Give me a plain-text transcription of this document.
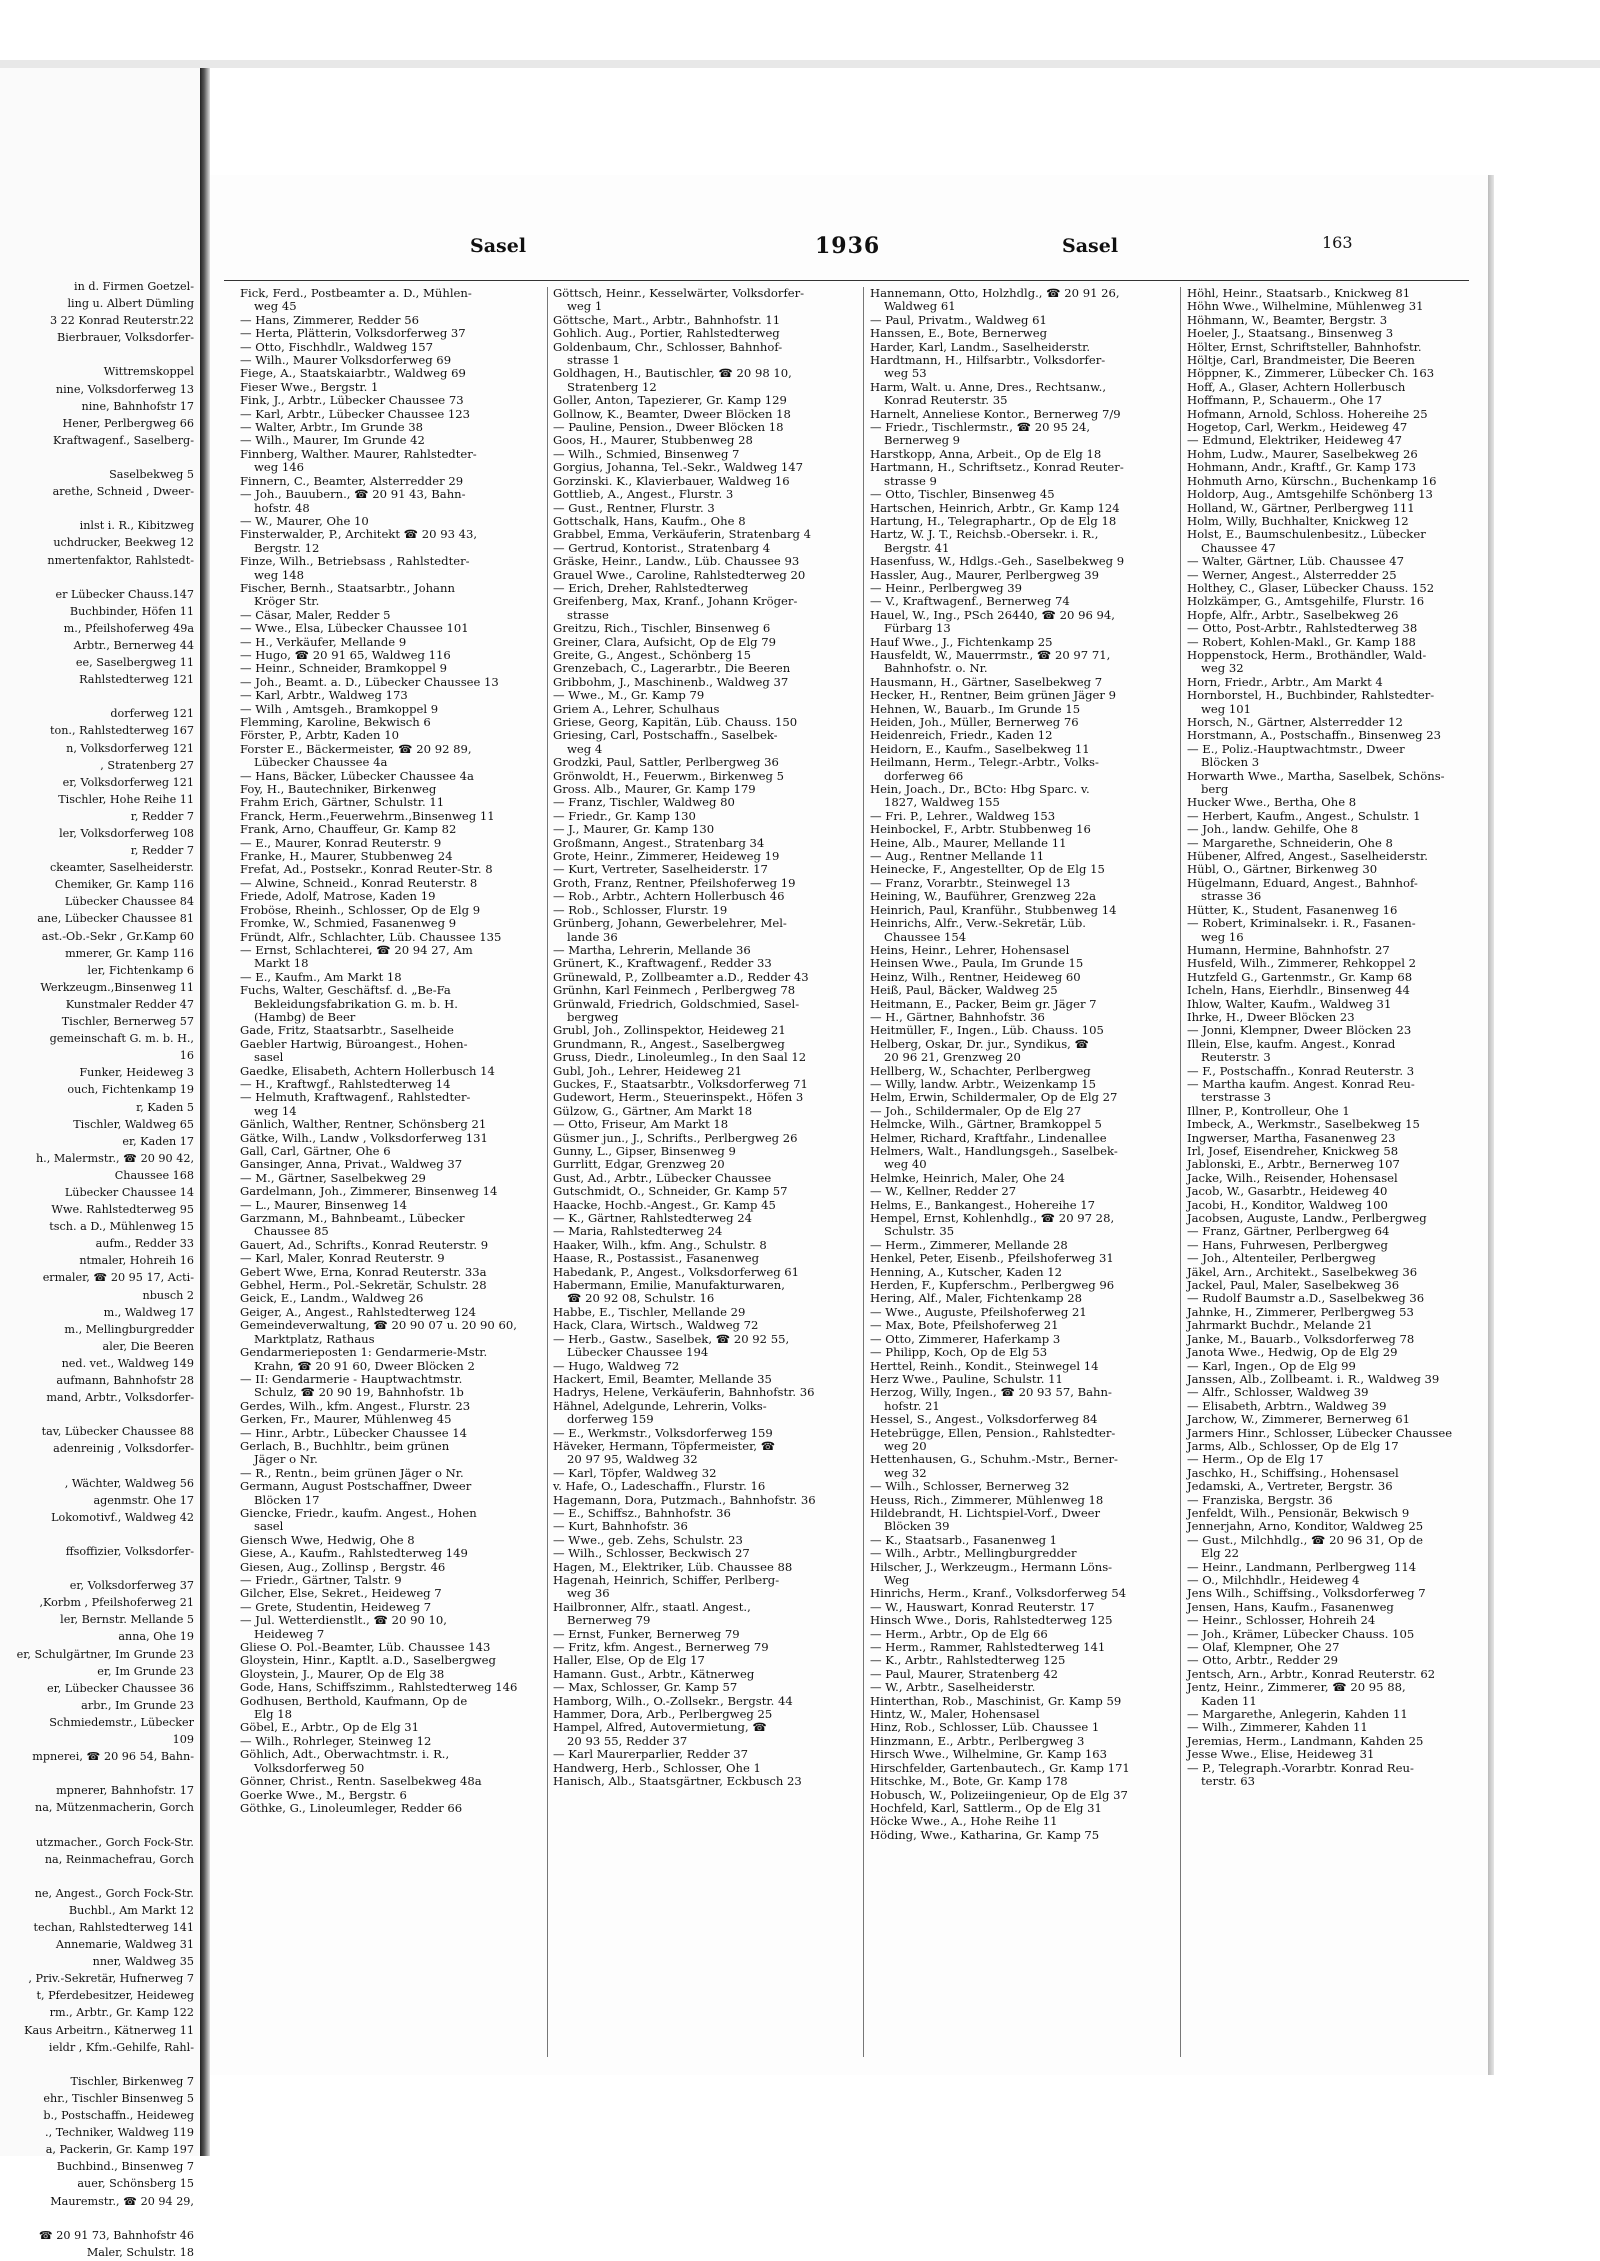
in d. Firmen Goetzel-
ling u. Albert Dümling
3 22 Konrad Reuterstr.22
Bierbrauer, Volksdorfer-

Wittremskoppel
nine, Volksdorferweg 13
nine, Bahnhofstr 17
Hener, Perlbergweg 66
Kraftwagenf., Saselberg-

Saselbekweg 5
arethe, Schneid , Dweer-

inlst i. R., Kibitzweg
uchdrucker, Beekweg 12
nmertenfaktor, Rahlstedt-

er Lübecker Chauss.147
Buchbinder, Höfen 11
m., Pfeilshoferweg 49a
Arbtr., Bernerweg 44
ee, Saselbergweg 11
Rahlstedterweg 121

dorferweg 121
ton., Rahlstedterweg 167
n, Volksdorferweg 121
, Stratenberg 27
er, Volksdorferweg 121
Tischler, Hohe Reihe 11
r, Redder 7
ler, Volksdorferweg 108
r, Redder 7
ckeamter, Saselheiderstr.
Chemiker, Gr. Kamp 116
Lübecker Chaussee 84
ane, Lübecker Chaussee 81
ast.-Ob.-Sekr , Gr.Kamp 60
mmerer, Gr. Kamp 116
ler, Fichtenkamp 6
Werkzeugm.,Binsenweg 11
Kunstmaler Redder 47
Tischler, Bernerweg 57
gemeinschaft G. m. b. H.,
16
Funker, Heideweg 3
ouch, Fichtenkamp 19
r, Kaden 5
Tischler, Waldweg 65
er, Kaden 17
h., Malermstr., ☎ 20 90 42,
Chaussee 168
Lübecker Chaussee 14
Wwe. Rahlstedterweg 95
tsch. a D., Mühlenweg 15
aufm., Redder 33
ntmaler, Hohreih 16
ermaler, ☎ 20 95 17, Acti-
nbusch 2
m., Waldweg 17
m., Mellingburgredder
aler, Die Beeren
ned. vet., Waldweg 149
aufmann, Bahnhofstr 28
mand, Arbtr., Volksdorfer-

tav, Lübecker Chaussee 88
adenreinig , Volksdorfer-

, Wächter, Waldweg 56
agenmstr. Ohe 17
Lokomotivf., Waldweg 42

ffsoffizier, Volksdorfer-

er, Volksdorferweg 37
,Korbm , Pfeilshoferweg 21
ler, Bernstr. Mellande 5
anna, Ohe 19
er, Schulgärtner, Im Grunde 23
er, Im Grunde 23
er, Lübecker Chaussee 36
arbr., Im Grunde 23
Schmiedemstr., Lübecker
109
mpnerei, ☎ 20 96 54, Bahn-

mpnerer, Bahnhofstr. 17
na, Mützenmacherin, Gorch

utzmacher., Gorch Fock-Str.
na, Reinmachefrau, Gorch

ne, Angest., Gorch Fock-Str.
Buchbl., Am Markt 12
techan, Rahlstedterweg 141
Annemarie, Waldweg 31
nner, Waldweg 35
, Priv.-Sekretär, Hufnerweg 7
t, Pferdebesitzer, Heideweg
rm., Arbtr., Gr. Kamp 122
Kaus Arbeitrn., Kätnerweg 11
ieldr , Kfm.-Gehilfe, Rahl-

Tischler, Birkenweg 7
ehr., Tischler Binsenweg 5
b., Postschaffn., Heideweg
., Techniker, Waldweg 119
a, Packerin, Gr. Kamp 197
Buchbind., Binsenweg 7
auer, Schönsberg 15
Mauremstr., ☎ 20 94 29,

☎ 20 91 73, Bahnhofstr 46
Maler, Schulstr. 18
Sasel	1936	Sasel	163
Fick, Ferd., Postbeamter a. D., Mühlen-
weg 45
— Hans, Zimmerer, Redder 56
— Herta, Plätterin, Volksdorferweg 37
— Otto, Fischhdlr., Waldweg 157
— Wilh., Maurer Volksdorferweg 69
Fiege, A., Staatskaiarbtr., Waldweg 69
Fieser Wwe., Bergstr. 1
Fink, J., Arbtr., Lübecker Chaussee 73
— Karl, Arbtr., Lübecker Chaussee 123
— Walter, Arbtr., Im Grunde 38
— Wilh., Maurer, Im Grunde 42
Finnberg, Walther. Maurer, Rahlstedter-
weg 146
Finnern, C., Beamter, Alsterredder 29
— Joh., Bauubern., ☎ 20 91 43, Bahn-
hofstr. 48
— W., Maurer, Ohe 10
Finsterwalder, P., Architekt ☎ 20 93 43,
Bergstr. 12
Finze, Wilh., Betriebsass , Rahlstedter-
weg 148
Fischer, Bernh., Staatsarbtr., Johann
Kröger Str.
— Cäsar, Maler, Redder 5
— Wwe., Elsa, Lübecker Chaussee 101
— H., Verkäufer, Mellande 9
— Hugo, ☎ 20 91 65, Waldweg 116
— Heinr., Schneider, Bramkoppel 9
— Joh., Beamt. a. D., Lübecker Chaussee 13
— Karl, Arbtr., Waldweg 173
— Wilh , Amtsgeh., Bramkoppel 9
Flemming, Karoline, Bekwisch 6
Förster, P., Arbtr, Kaden 10
Forster E., Bäckermeister, ☎ 20 92 89,
Lübecker Chaussee 4a
— Hans, Bäcker, Lübecker Chaussee 4a
Foy, H., Bautechniker, Birkenweg
Frahm Erich, Gärtner, Schulstr. 11
Franck, Herm.,Feuerwehrm.,Binsenweg 11
Frank, Arno, Chauffeur, Gr. Kamp 82
— E., Maurer, Konrad Reuterstr. 9
Franke, H., Maurer, Stubbenweg 24
Frefat, Ad., Postsekr., Konrad Reuter-Str. 8
— Alwine, Schneid., Konrad Reuterstr. 8
Friede, Adolf, Matrose, Kaden 19
Froböse, Rheinh., Schlosser, Op de Elg 9
Fromke, W., Schmied, Fasanenweg 9
Fründt, Alfr., Schlachter, Lüb. Chaussee 135
— Ernst, Schlachterei, ☎ 20 94 27, Am
Markt 18
— E., Kaufm., Am Markt 18
Fuchs, Walter, Geschäftsf. d. „Be-Fa
Bekleidungsfabrikation G. m. b. H.
(Hambg) de Beer
Gade, Fritz, Staatsarbtr., Saselheide
Gaebler Hartwig, Büroangest., Hohen-
sasel
Gaedke, Elisabeth, Achtern Hollerbusch 14
— H., Kraftwgf., Rahlstedterweg 14
— Helmuth, Kraftwagenf., Rahlstedter-
weg 14
Gänlich, Walther, Rentner, Schönsberg 21
Gätke, Wilh., Landw , Volksdorferweg 131
Gall, Carl, Gärtner, Ohe 6
Gansinger, Anna, Privat., Waldweg 37
— M., Gärtner, Saselbekweg 29
Gardelmann, Joh., Zimmerer, Binsenweg 14
— L., Maurer, Binsenweg 14
Garzmann, M., Bahnbeamt., Lübecker
Chaussee 85
Gauert, Ad., Schrifts., Konrad Reuterstr. 9
— Karl, Maler, Konrad Reuterstr. 9
Gebert Wwe, Erna, Konrad Reuterstr. 33a
Gebhel, Herm., Pol.-Sekretär, Schulstr. 28
Geick, E., Landm., Waldweg 26
Geiger, A., Angest., Rahlstedterweg 124
Gemeindeverwaltung, ☎ 20 90 07 u. 20 90 60,
Marktplatz, Rathaus
Gendarmerieposten 1: Gendarmerie-Mstr.
Krahn, ☎ 20 91 60, Dweer Blöcken 2
— II: Gendarmerie - Hauptwachtmstr.
Schulz, ☎ 20 90 19, Bahnhofstr. 1b
Gerdes, Wilh., kfm. Angest., Flurstr. 23
Gerken, Fr., Maurer, Mühlenweg 45
— Hinr., Arbtr., Lübecker Chaussee 14
Gerlach, B., Buchhltr., beim grünen
Jäger o Nr.
— R., Rentn., beim grünen Jäger o Nr.
Germann, August Postschaffner, Dweer
Blöcken 17
Giencke, Friedr., kaufm. Angest., Hohen
sasel
Giensch Wwe, Hedwig, Ohe 8
Giese, A., Kaufm., Rahlstedterweg 149
Giesen, Aug., Zollinsp , Bergstr. 46
— Friedr., Gärtner, Talstr. 9
Gilcher, Else, Sekret., Heideweg 7
— Grete, Studentin, Heideweg 7
— Jul. Wetterdienstlt., ☎ 20 90 10,
Heideweg 7
Gliese O. Pol.-Beamter, Lüb. Chaussee 143
Gloystein, Hinr., Kaptlt. a.D., Saselbergweg
Gloystein, J., Maurer, Op de Elg 38
Gode, Hans, Schiffszimm., Rahlstedterweg 146
Godhusen, Berthold, Kaufmann, Op de
Elg 18
Göbel, E., Arbtr., Op de Elg 31
— Wilh., Rohrleger, Steinweg 12
Göhlich, Adt., Oberwachtmstr. i. R.,
Volksdorferweg 50
Gönner, Christ., Rentn. Saselbekweg 48a
Goerke Wwe., M., Bergstr. 6
Göthke, G., Linoleumleger, Redder 66
Göttsch, Heinr., Kesselwärter, Volksdorfer-
weg 1
Göttsche, Mart., Arbtr., Bahnhofstr. 11
Gohlich. Aug., Portier, Rahlstedterweg
Goldenbaum, Chr., Schlosser, Bahnhof-
strasse 1
Goldhagen, H., Bautischler, ☎ 20 98 10,
Stratenberg 12
Goller, Anton, Tapezierer, Gr. Kamp 129
Gollnow, K., Beamter, Dweer Blöcken 18
— Pauline, Pension., Dweer Blöcken 18
Goos, H., Maurer, Stubbenweg 28
— Wilh., Schmied, Binsenweg 7
Gorgius, Johanna, Tel.-Sekr., Waldweg 147
Gorzinski. K., Klavierbauer, Waldweg 16
Gottlieb, A., Angest., Flurstr. 3
— Gust., Rentner, Flurstr. 3
Gottschalk, Hans, Kaufm., Ohe 8
Grabbel, Emma, Verkäuferin, Stratenbarg 4
— Gertrud, Kontorist., Stratenbarg 4
Gräske, Heinr., Landw., Lüb. Chaussee 93
Grauel Wwe., Caroline, Rahlstedterweg 20
— Erich, Dreher, Rahlstedterweg
Greifenberg, Max, Kranf., Johann Kröger-
strasse
Greitzu, Rich., Tischler, Binsenweg 6
Greiner, Clara, Aufsicht, Op de Elg 79
Greite, G., Angest., Schönberg 15
Grenzebach, C., Lagerarbtr., Die Beeren
Gribbohm, J., Maschinenb., Waldweg 37
— Wwe., M., Gr. Kamp 79
Griem A., Lehrer, Schulhaus
Griese, Georg, Kapitän, Lüb. Chauss. 150
Griesing, Carl, Postschaffn., Saselbek-
weg 4
Grodzki, Paul, Sattler, Perlbergweg 36
Grönwoldt, H., Feuerwm., Birkenweg 5
Gross. Alb., Maurer, Gr. Kamp 179
— Franz, Tischler, Waldweg 80
— Friedr., Gr. Kamp 130
— J., Maurer, Gr. Kamp 130
Großmann, Angest., Stratenbarg 34
Grote, Heinr., Zimmerer, Heideweg 19
— Kurt, Vertreter, Saselheiderstr. 17
Groth, Franz, Rentner, Pfeilshoferweg 19
— Rob., Arbtr., Achtern Hollerbusch 46
— Rob., Schlosser, Flurstr. 19
Grünberg, Johann, Gewerbelehrer, Mel-
lande 36
— Martha, Lehrerin, Mellande 36
Grünert, K., Kraftwagenf., Redder 33
Grünewald, P., Zollbeamter a.D., Redder 43
Grünhn, Karl Feinmech , Perlbergweg 78
Grünwald, Friedrich, Goldschmied, Sasel-
bergweg
Grubl, Joh., Zollinspektor, Heideweg 21
Grundmann, R., Angest., Saselbergweg
Gruss, Diedr., Linoleumleg., In den Saal 12
Gubl, Joh., Lehrer, Heideweg 21
Guckes, F., Staatsarbtr., Volksdorferweg 71
Gudewort, Herm., Steuerinspekt., Höfen 3
Gülzow, G., Gärtner, Am Markt 18
— Otto, Friseur, Am Markt 18
Güsmer jun., J., Schrifts., Perlbergweg 26
Gunny, L., Gipser, Binsenweg 9
Gurrlitt, Edgar, Grenzweg 20
Gust, Ad., Arbtr., Lübecker Chaussee
Gutschmidt, O., Schneider, Gr. Kamp 57
Haacke, Hochb.-Angest., Gr. Kamp 45
— K., Gärtner, Rahlstedterweg 24
— Maria, Rahlstedterweg 24
Haaker, Wilh., kfm. Ang., Schulstr. 8
Haase, R., Postassist., Fasanenweg
Habedank, P., Angest., Volksdorferweg 61
Habermann, Emilie, Manufakturwaren,
☎ 20 92 08, Schulstr. 16
Habbe, E., Tischler, Mellande 29
Hack, Clara, Wirtsch., Waldweg 72
— Herb., Gastw., Saselbek, ☎ 20 92 55,
Lübecker Chaussee 194
— Hugo, Waldweg 72
Hackert, Emil, Beamter, Mellande 35
Hadrys, Helene, Verkäuferin, Bahnhofstr. 36
Hähnel, Adelgunde, Lehrerin, Volks-
dorferweg 159
— E., Werkmstr., Volksdorferweg 159
Häveker, Hermann, Töpfermeister, ☎
20 97 95, Waldweg 32
— Karl, Töpfer, Waldweg 32
v. Hafe, O., Ladeschaffn., Flurstr. 16
Hagemann, Dora, Putzmach., Bahnhofstr. 36
— E., Schiffsz., Bahnhofstr. 36
— Kurt, Bahnhofstr. 36
— Wwe., geb. Zehs, Schulstr. 23
— Wilh., Schlosser, Beckwisch 27
Hagen, M., Elektriker, Lüb. Chaussee 88
Hagenah, Heinrich, Schiffer, Perlberg-
weg 36
Hailbronner, Alfr., staatl. Angest.,
Bernerweg 79
— Ernst, Funker, Bernerweg 79
— Fritz, kfm. Angest., Bernerweg 79
Haller, Else, Op de Elg 17
Hamann. Gust., Arbtr., Kätnerweg
— Max, Schlosser, Gr. Kamp 57
Hamborg, Wilh., O.-Zollsekr., Bergstr. 44
Hammer, Dora, Arb., Perlbergweg 25
Hampel, Alfred, Autovermietung, ☎
20 93 55, Redder 37
— Karl Maurerparlier, Redder 37
Handwerg, Herb., Schlosser, Ohe 1
Hanisch, Alb., Staatsgärtner, Eckbusch 23
Hannemann, Otto, Holzhdlg., ☎ 20 91 26,
Waldweg 61
— Paul, Privatm., Waldweg 61
Hanssen, E., Bote, Bernerweg
Harder, Karl, Landm., Saselheiderstr.
Hardtmann, H., Hilfsarbtr., Volksdorfer-
weg 53
Harm, Walt. u. Anne, Dres., Rechtsanw.,
Konrad Reuterstr. 35
Harnelt, Anneliese Kontor., Bernerweg 7/9
— Friedr., Tischlermstr., ☎ 20 95 24,
Bernerweg 9
Harstkopp, Anna, Arbeit., Op de Elg 18
Hartmann, H., Schriftsetz., Konrad Reuter-
strasse 9
— Otto, Tischler, Binsenweg 45
Hartschen, Heinrich, Arbtr., Gr. Kamp 124
Hartung, H., Telegraphartr., Op de Elg 18
Hartz, W. J. T., Reichsb.-Obersekr. i. R.,
Bergstr. 41
Hasenfuss, W., Hdlgs.-Geh., Saselbekweg 9
Hassler, Aug., Maurer, Perlbergweg 39
— Heinr., Perlbergweg 39
— V., Kraftwagenf., Bernerweg 74
Hauel, W., Ing., PSch 26440, ☎ 20 96 94,
Fürbarg 13
Hauf Wwe., J., Fichtenkamp 25
Hausfeldt, W., Mauerrmstr., ☎ 20 97 71,
Bahnhofstr. o. Nr.
Hausmann, H., Gärtner, Saselbekweg 7
Hecker, H., Rentner, Beim grünen Jäger 9
Hehnen, W., Bauarb., Im Grunde 15
Heiden, Joh., Müller, Bernerweg 76
Heidenreich, Friedr., Kaden 12
Heidorn, E., Kaufm., Saselbekweg 11
Heilmann, Herm., Telegr.-Arbtr., Volks-
dorferweg 66
Hein, Joach., Dr., BCto: Hbg Sparc. v.
1827, Waldweg 155
— Fri. P., Lehrer., Waldweg 153
Heinbockel, F., Arbtr. Stubbenweg 16
Heine, Alb., Maurer, Mellande 11
— Aug., Rentner Mellande 11
Heinecke, F., Angestellter, Op de Elg 15
— Franz, Vorarbtr., Steinwegel 13
Heining, W., Bauführer, Grenzweg 22a
Heinrich, Paul, Kranführ., Stubbenweg 14
Heinrichs, Alfr., Verw.-Sekretär, Lüb.
Chaussee 154
Heins, Heinr., Lehrer, Hohensasel
Heinsen Wwe., Paula, Im Grunde 15
Heinz, Wilh., Rentner, Heideweg 60
Heiß, Paul, Bäcker, Waldweg 25
Heitmann, E., Packer, Beim gr. Jäger 7
— H., Gärtner, Bahnhofstr. 36
Heitmüller, F., Ingen., Lüb. Chauss. 105
Helberg, Oskar, Dr. jur., Syndikus, ☎
20 96 21, Grenzweg 20
Hellberg, W., Schachter, Perlbergweg
— Willy, landw. Arbtr., Weizenkamp 15
Helm, Erwin, Schildermaler, Op de Elg 27
— Joh., Schildermaler, Op de Elg 27
Helmcke, Wilh., Gärtner, Bramkoppel 5
Helmer, Richard, Kraftfahr., Lindenallee
Helmers, Walt., Handlungsgeh., Saselbek-
weg 40
Helmke, Heinrich, Maler, Ohe 24
— W., Kellner, Redder 27
Helms, E., Bankangest., Hohereihe 17
Hempel, Ernst, Kohlenhdlg., ☎ 20 97 28,
Schulstr. 35
— Herm., Zimmerer, Mellande 28
Henkel, Peter, Eisenb., Pfeilshoferweg 31
Henning, A., Kutscher, Kaden 12
Herden, F., Kupferschm., Perlbergweg 96
Hering, Alf., Maler, Fichtenkamp 28
— Wwe., Auguste, Pfeilshoferweg 21
— Max, Bote, Pfeilshoferweg 21
— Otto, Zimmerer, Haferkamp 3
— Philipp, Koch, Op de Elg 53
Herttel, Reinh., Kondit., Steinwegel 14
Herz Wwe., Pauline, Schulstr. 11
Herzog, Willy, Ingen., ☎ 20 93 57, Bahn-
hofstr. 21
Hessel, S., Angest., Volksdorferweg 84
Hetebrügge, Ellen, Pension., Rahlstedter-
weg 20
Hettenhausen, G., Schuhm.-Mstr., Berner-
weg 32
— Wilh., Schlosser, Bernerweg 32
Heuss, Rich., Zimmerer, Mühlenweg 18
Hildebrandt, H. Lichtspiel-Vorf., Dweer
Blöcken 39
— K., Staatsarb., Fasanenweg 1
— Wilh., Arbtr., Mellingburgredder
Hilscher, J., Werkzeugm., Hermann Löns-
Weg
Hinrichs, Herm., Kranf., Volksdorferweg 54
— W., Hauswart, Konrad Reuterstr. 17
Hinsch Wwe., Doris, Rahlstedterweg 125
— Herm., Arbtr., Op de Elg 66
— Herm., Rammer, Rahlstedterweg 141
— K., Arbtr., Rahlstedterweg 125
— Paul, Maurer, Stratenberg 42
— W., Arbtr., Saselheiderstr.
Hinterthan, Rob., Maschinist, Gr. Kamp 59
Hintz, W., Maler, Hohensasel
Hinz, Rob., Schlosser, Lüb. Chaussee 1
Hinzmann, E., Arbtr., Perlbergweg 3
Hirsch Wwe., Wilhelmine, Gr. Kamp 163
Hirschfelder, Gartenbautech., Gr. Kamp 171
Hitschke, M., Bote, Gr. Kamp 178
Hobusch, W., Polizeiingenieur, Op de Elg 37
Hochfeld, Karl, Sattlerm., Op de Elg 31
Höcke Wwe., A., Hohe Reihe 11
Höding, Wwe., Katharina, Gr. Kamp 75
Höhl, Heinr., Staatsarb., Knickweg 81
Höhn Wwe., Wilhelmine, Mühlenweg 31
Höhmann, W., Beamter, Bergstr. 3
Hoeler, J., Staatsang., Binsenweg 3
Hölter, Ernst, Schriftsteller, Bahnhofstr.
Höltje, Carl, Brandmeister, Die Beeren
Höppner, K., Zimmerer, Lübecker Ch. 163
Hoff, A., Glaser, Achtern Hollerbusch
Hoffmann, P., Schauerm., Ohe 17
Hofmann, Arnold, Schloss. Hohereihe 25
Hogetop, Carl, Werkm., Heideweg 47
— Edmund, Elektriker, Heideweg 47
Hohm, Ludw., Maurer, Saselbekweg 26
Hohmann, Andr., Kraftf., Gr. Kamp 173
Hohmuth Arno, Kürschn., Buchenkamp 16
Holdorp, Aug., Amtsgehilfe Schönberg 13
Holland, W., Gärtner, Perlbergweg 111
Holm, Willy, Buchhalter, Knickweg 12
Holst, E., Baumschulenbesitz., Lübecker
Chaussee 47
— Walter, Gärtner, Lüb. Chaussee 47
— Werner, Angest., Alsterredder 25
Holthey, C., Glaser, Lübecker Chauss. 152
Holzkämper, G., Amtsgehilfe, Flurstr. 16
Hopfe, Alfr., Arbtr., Saselbekweg 26
— Otto, Post-Arbtr., Rahlstedterweg 38
— Robert, Kohlen-Makl., Gr. Kamp 188
Hoppenstock, Herm., Brothändler, Wald-
weg 32
Horn, Friedr., Arbtr., Am Markt 4
Hornborstel, H., Buchbinder, Rahlstedter-
weg 101
Horsch, N., Gärtner, Alsterredder 12
Horstmann, A., Postschaffn., Binsenweg 23
— E., Poliz.-Hauptwachtmstr., Dweer
Blöcken 3
Horwarth Wwe., Martha, Saselbek, Schöns-
berg
Hucker Wwe., Bertha, Ohe 8
— Herbert, Kaufm., Angest., Schulstr. 1
— Joh., landw. Gehilfe, Ohe 8
— Margarethe, Schneiderin, Ohe 8
Hübener, Alfred, Angest., Saselheiderstr.
Hübl, O., Gärtner, Birkenweg 30
Hügelmann, Eduard, Angest., Bahnhof-
strasse 36
Hütter, K., Student, Fasanenweg 16
— Robert, Kriminalsekr. i. R., Fasanen-
weg 16
Humann, Hermine, Bahnhofstr. 27
Husfeld, Wilh., Zimmerer, Rehkoppel 2
Hutzfeld G., Gartenmstr., Gr. Kamp 68
Icheln, Hans, Eierhdlr., Binsenweg 44
Ihlow, Walter, Kaufm., Waldweg 31
Ihrke, H., Dweer Blöcken 23
— Jonni, Klempner, Dweer Blöcken 23
Illein, Else, kaufm. Angest., Konrad
Reuterstr. 3
— F., Postschaffn., Konrad Reuterstr. 3
— Martha kaufm. Angest. Konrad Reu-
terstrasse 3
Illner, P., Kontrolleur, Ohe 1
Imbeck, A., Werkmstr., Saselbekweg 15
Ingwerser, Martha, Fasanenweg 23
Irl, Josef, Eisendreher, Knickweg 58
Jablonski, E., Arbtr., Bernerweg 107
Jacke, Wilh., Reisender, Hohensasel
Jacob, W., Gasarbtr., Heideweg 40
Jacobi, H., Konditor, Waldweg 100
Jacobsen, Auguste, Landw., Perlbergweg
— Franz, Gärtner, Perlbergweg 64
— Hans, Fuhrwesen, Perlbergweg
— Joh., Altenteiler, Perlbergweg
Jäkel, Arn., Architekt., Saselbekweg 36
Jackel, Paul, Maler, Saselbekweg 36
— Rudolf Baumstr a.D., Saselbekweg 36
Jahnke, H., Zimmerer, Perlbergweg 53
Jahrmarkt Buchdr., Melande 21
Janke, M., Bauarb., Volksdorferweg 78
Janota Wwe., Hedwig, Op de Elg 29
— Karl, Ingen., Op de Elg 99
Janssen, Alb., Zollbeamt. i. R., Waldweg 39
— Alfr., Schlosser, Waldweg 39
— Elisabeth, Arbtrn., Waldweg 39
Jarchow, W., Zimmerer, Bernerweg 61
Jarmers Hinr., Schlosser, Lübecker Chaussee
Jarms, Alb., Schlosser, Op de Elg 17
— Herm., Op de Elg 17
Jaschko, H., Schiffsing., Hohensasel
Jedamski, A., Vertreter, Bergstr. 36
— Franziska, Bergstr. 36
Jenfeldt, Wilh., Pensionär, Bekwisch 9
Jennerjahn, Arno, Konditor, Waldweg 25
— Gust., Milchhdlg., ☎ 20 96 31, Op de
Elg 22
— Heinr., Landmann, Perlbergweg 114
— O., Milchhdlr., Heideweg 4
Jens Wilh., Schiffsing., Volksdorferweg 7
Jensen, Hans, Kaufm., Fasanenweg
— Heinr., Schlosser, Hohreih 24
— Joh., Krämer, Lübecker Chauss. 105
— Olaf, Klempner, Ohe 27
— Otto, Arbtr., Redder 29
Jentsch, Arn., Arbtr., Konrad Reuterstr. 62
Jentz, Heinr., Zimmerer, ☎ 20 95 88,
Kaden 11
— Margarethe, Anlegerin, Kahden 11
— Wilh., Zimmerer, Kahden 11
Jeremias, Herm., Landmann, Kahden 25
Jesse Wwe., Elise, Heideweg 31
— P., Telegraph.-Vorarbtr. Konrad Reu-
terstr. 63
